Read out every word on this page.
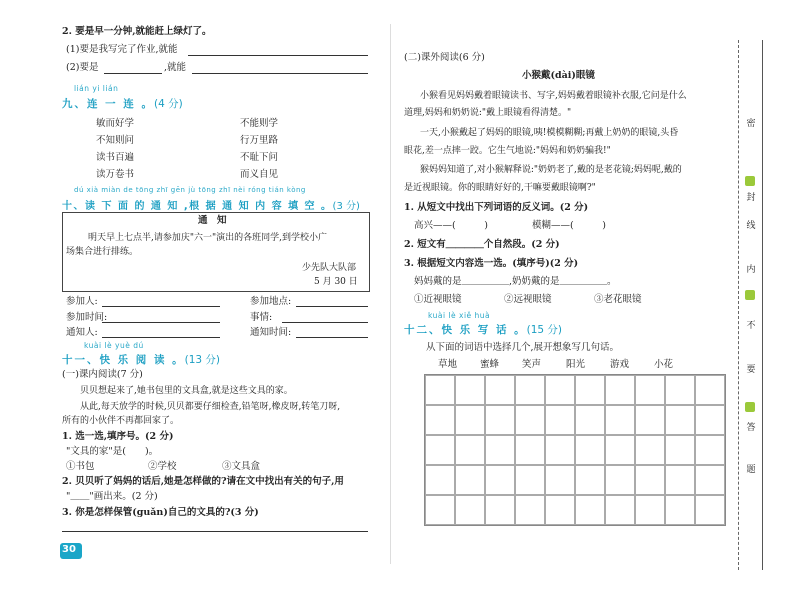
2. 要是早一分钟,就能赶上绿灯了。
(1)要是我写完了作业,就能
(2)要是	,就能
lián yi lián
九、连 一 连 。(4 分)
敏而好学
不知则问
读书百遍
读万卷书
不能则学
行万里路
不耻下问
而义自见
dú xià miàn de tōng zhī gēn jù tōng zhī nèi róng tián kòng
十、读 下 面 的 通 知 ,根 据 通 知 内 容 填 空 。(3 分)
通　知
明天早上七点半,请参加庆"六一"演出的各班同学,到学校小广
场集合进行排练。
少先队大队部
5 月 30 日
参加人:	参加地点:
参加时间:	事情:
通知人:	通知时间:
kuài lè yuè dú
十一、快 乐 阅 读 。(13 分)
(一)课内阅读(7 分)
贝贝想起来了,她书包里的文具盒,就是这些文具的家。
从此,每天放学的时候,贝贝都要仔细检查,铅笔呀,橡皮呀,转笔刀呀,
所有的小伙伴不再都回家了。
1. 选一选,填序号。(2 分)
"文具的家"是(　　)。
①书包	②学校	③文具盒
2. 贝贝听了妈妈的话后,她是怎样做的?请在文中找出有关的句子,用
"＿＿"画出来。(2 分)
3. 你是怎样保管(guǎn)自己的文具的?(3 分)
30
(二)课外阅读(6 分)
小猴戴(dài)眼镜
小猴看见妈妈戴着眼镜读书、写字,妈妈戴着眼镜补衣服,它问是什么
道理,妈妈和奶奶说:"戴上眼镜看得清楚。"
一天,小猴戴起了妈妈的眼镜,咦!模模糊糊;再戴上奶奶的眼镜,头昏
眼花,差一点摔一跤。它生气地说:"妈妈和奶奶骗我!"
猴妈妈知道了,对小猴解释说:"奶奶老了,戴的是老花镜;妈妈呢,戴的
是近视眼镜。你的眼睛好好的,干嘛要戴眼镜啊?"
1. 从短文中找出下列词语的反义词。(2 分)
高兴——(　　　)	模糊——(　　　)
2. 短文有＿＿＿＿个自然段。(2 分)
3. 根据短文内容选一选。(填序号)(2 分)
妈妈戴的是＿＿＿＿＿,奶奶戴的是＿＿＿＿＿。
①近视眼镜	②远视眼镜	③老花眼镜
kuài lè xiě huà
十二、快 乐 写 话 。(15 分)
从下面的词语中选择几个,展开想象写几句话。
草地 蜜蜂 笑声	阳光	游戏	小花
密
封
线
内
不
要
答
题
